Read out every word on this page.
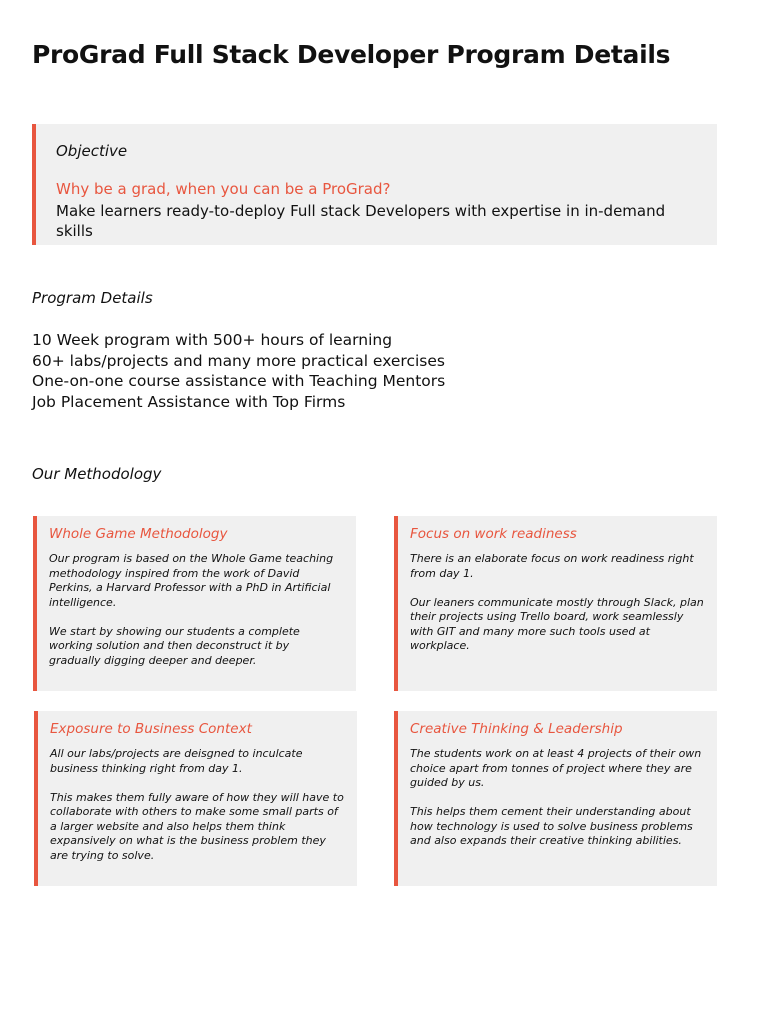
ProGrad Full Stack Developer Program Details
Objective
Why be a grad, when you can be a ProGrad?
Make learners ready-to-deploy Full stack Developers with expertise in in-demand skills
Program Details
10 Week program with 500+ hours of learning
60+ labs/projects and many more practical exercises
One-on-one course assistance with Teaching Mentors
Job Placement Assistance with Top Firms
Our Methodology
Whole Game Methodology

Our program is based on the Whole Game teaching methodology inspired from the work of David Perkins, a Harvard Professor with a PhD in Artificial intelligence.

We start by showing our students a complete working solution and then deconstruct it by gradually digging deeper and deeper.

Focus on work readiness

There is an elaborate focus on work readiness right from day 1.

Our leaners communicate mostly through Slack, plan their projects using Trello board, work seamlessly with GIT and many more such tools used at workplace.

Exposure to Business Context

All our labs/projects are deisgned to inculcate business thinking right from day 1.

This makes them fully aware of how they will have to collaborate with others to make some small parts of a larger website and also helps them think expansively on what is the business problem they are trying to solve.

Creative Thinking & Leadership

The students work on at least 4 projects of their own choice apart from tonnes of project where they are guided by us.

This helps them cement their understanding about how technology is used to solve business problems and also expands their creative thinking abilities.
